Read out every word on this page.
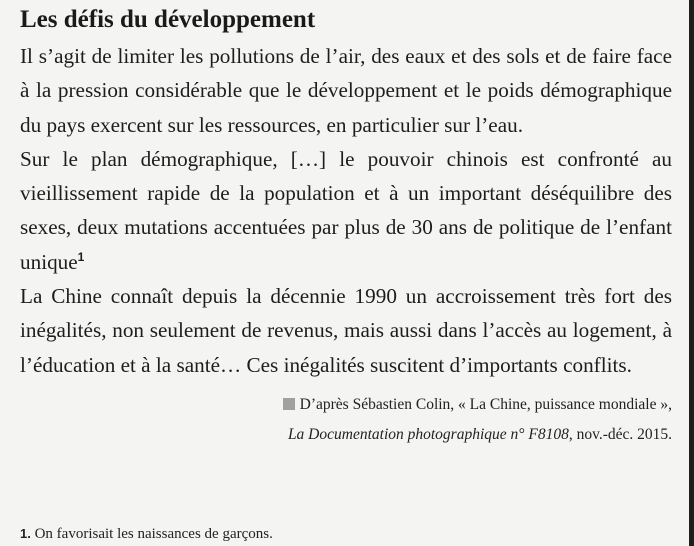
Les défis du développement

Il s’agit de limiter les pollutions de l’air, des eaux et des sols et de faire face à la pression considérable que le développement et le poids démographique du pays exercent sur les ressources, en particulier sur l’eau.

Sur le plan démographique, […] le pouvoir chinois est confronté au vieillissement rapide de la population et à un important déséquilibre des sexes, deux mutations accentuées par plus de 30 ans de politique de l’enfant unique$^1$

La Chine connaît depuis la décennie 1990 un accroissement très fort des inégalités, non seulement de revenus, mais aussi dans l’accès au logement, à l’éducation et à la santé… Ces inégalités suscitent d’importants conflits.

D’après Sébastien Colin, « La Chine, puissance mondiale »,
La Documentation photographique n° F8108, nov.-déc. 2015.
1. On favorisait les naissances de garçons.
